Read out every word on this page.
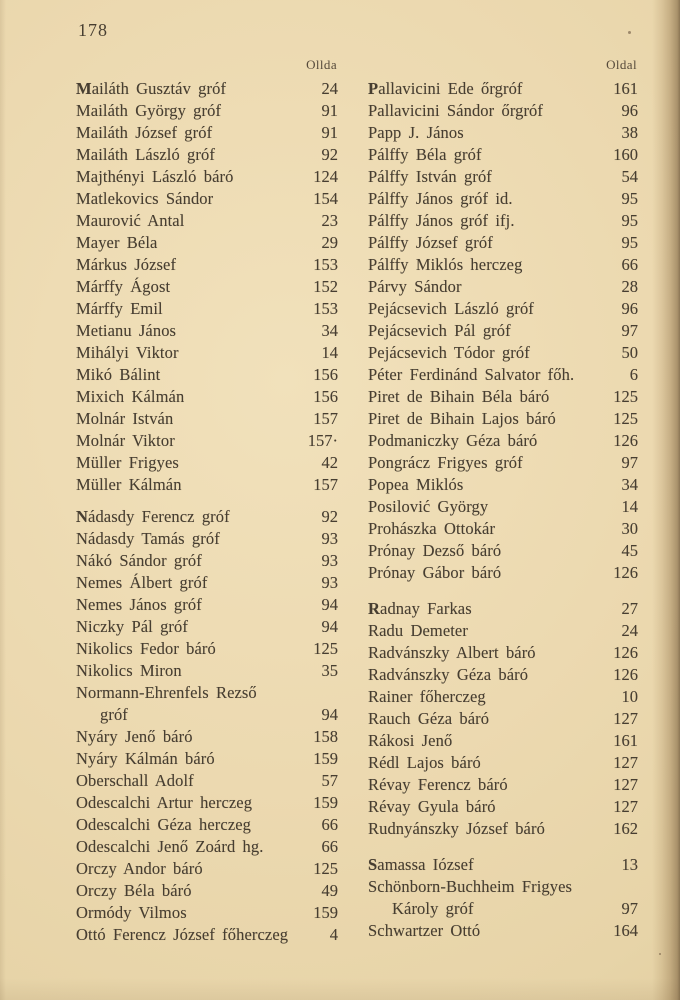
178
Ollda
Mailáth Gusztáv gróf	24
Mailáth György gróf	91
Mailáth József gróf	91
Mailáth László gróf	92
Majthényi László báró	124
Matlekovics Sándor	154
Maurović Antal	23
Mayer Béla	29
Márkus József	153
Márffy Ágost	152
Márffy Emil	153
Metianu János	34
Mihályi Viktor	14
Mikó Bálint	156
Mixich Kálmán	156
Molnár István	157
Molnár Viktor	157·
Müller Frigyes	42
Müller Kálmán	157
Nádasdy Ferencz gróf	92
Nádasdy Tamás gróf	93
Nákó Sándor gróf	93
Nemes Álbert gróf	93
Nemes János gróf	94
Niczky Pál gróf	94
Nikolics Fedor báró	125
Nikolics Miron	35
Normann-Ehrenfels Rezső
gróf	94
Nyáry Jenő báró	158
Nyáry Kálmán báró	159
Oberschall Adolf	57
Odescalchi Artur herczeg	159
Odescalchi Géza herczeg	66
Odescalchi Jenő Zoárd hg.	66
Orczy Andor báró	125
Orczy Béla báró	49
Ormódy Vilmos	159
Ottó Ferencz József főherczeg	4
Oldal
Pallavicini Ede őrgróf	161
Pallavicini Sándor őrgróf	96
Papp J. János	38
Pálffy Béla gróf	160
Pálffy István gróf	54
Pálffy János gróf id.	95
Pálffy János gróf ifj.	95
Pálffy József gróf	95
Pálffy Miklós herczeg	66
Párvy Sándor	28
Pejácsevich László gróf	96
Pejácsevich Pál gróf	97
Pejácsevich Tódor gróf	50
Péter Ferdinánd Salvator főh.	6
Piret de Bihain Béla báró	125
Piret de Bihain Lajos báró	125
Podmaniczky Géza báró	126
Pongrácz Frigyes gróf	97
Popea Miklós	34
Posilović György	14
Prohászka Ottokár	30
Prónay Dezső báró	45
Prónay Gábor báró	126
Radnay Farkas	27
Radu Demeter	24
Radvánszky Albert báró	126
Radvánszky Géza báró	126
Rainer főherczeg	10
Rauch Géza báró	127
Rákosi Jenő	161
Rédl Lajos báró	127
Révay Ferencz báró	127
Révay Gyula báró	127
Rudnyánszky József báró	162
Samassa Iózsef	13
Schönborn-Buchheim Frigyes
Károly gróf	97
Schwartzer Ottó	164
